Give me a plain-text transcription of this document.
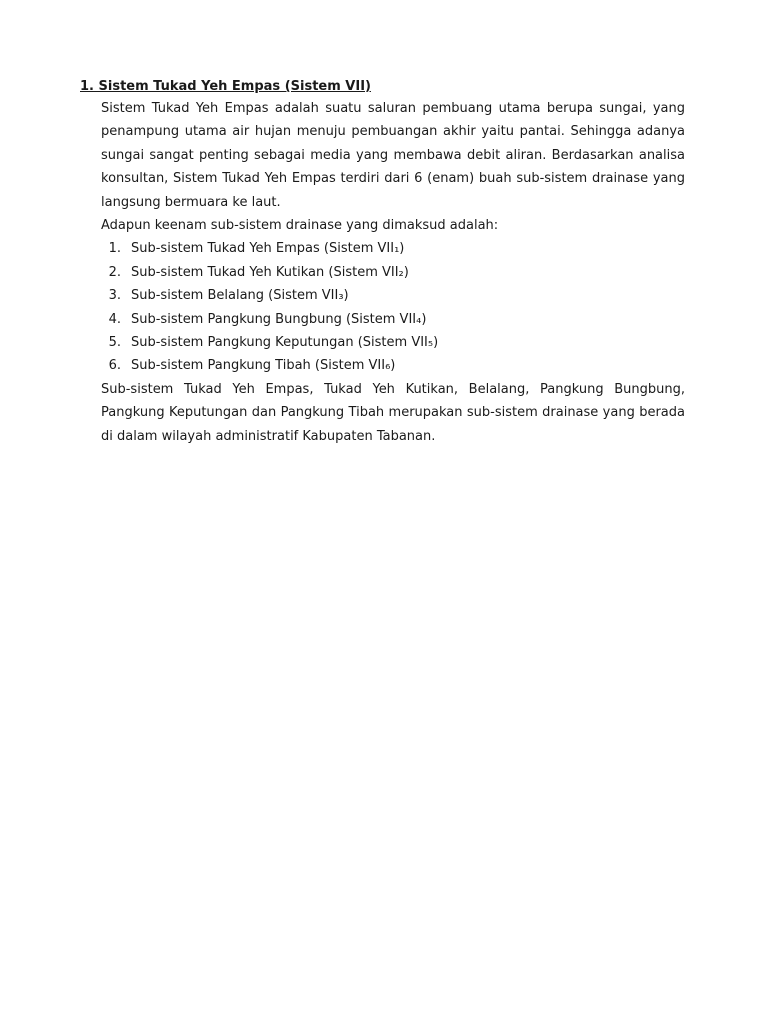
1. Sistem Tukad Yeh Empas (Sistem VII)

Sistem Tukad Yeh Empas adalah suatu saluran pembuang utama berupa sungai, yang penampung utama air hujan menuju pembuangan akhir yaitu pantai. Sehingga adanya sungai sangat penting sebagai media yang membawa debit aliran. Berdasarkan analisa konsultan, Sistem Tukad Yeh Empas terdiri dari 6 (enam) buah sub-sistem drainase yang langsung bermuara ke laut.

Adapun keenam sub-sistem drainase yang dimaksud adalah:

1. Sub-sistem Tukad Yeh Empas (Sistem VII₁)
2. Sub-sistem Tukad Yeh Kutikan (Sistem VII₂)
3. Sub-sistem Belalang (Sistem VII₃)
4. Sub-sistem Pangkung Bungbung (Sistem VII₄)
5. Sub-sistem Pangkung Keputungan (Sistem VII₅)
6. Sub-sistem Pangkung Tibah (Sistem VII₆)

Sub-sistem Tukad Yeh Empas, Tukad Yeh Kutikan, Belalang, Pangkung Bungbung, Pangkung Keputungan dan Pangkung Tibah merupakan sub-sistem drainase yang berada di dalam wilayah administratif Kabupaten Tabanan.
